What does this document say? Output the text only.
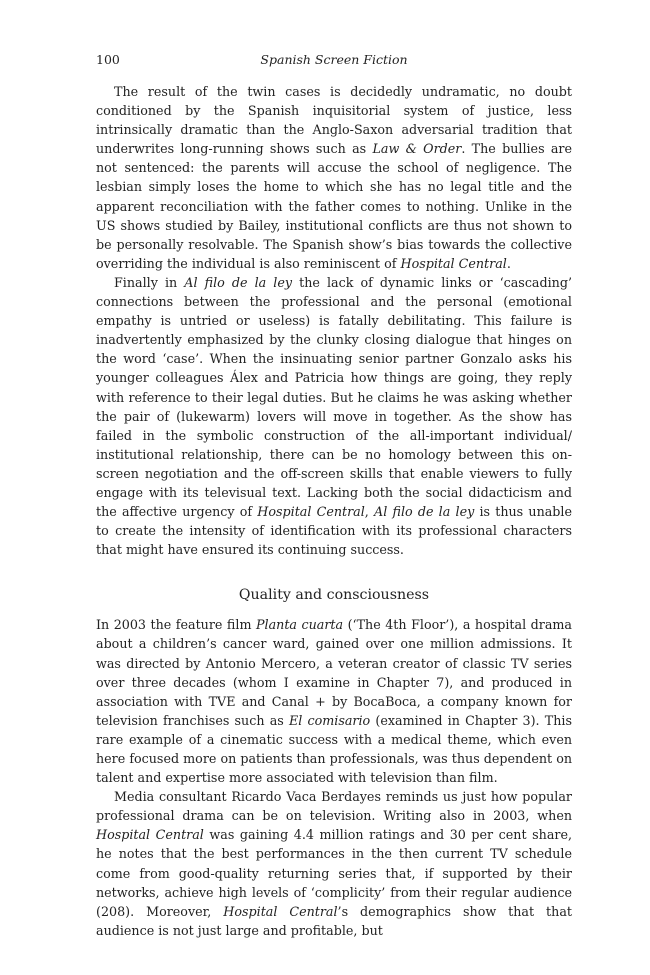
100	Spanish Screen Fiction

The result of the twin cases is decidedly undramatic, no doubt conditioned by the Spanish inquisitorial system of justice, less intrinsically dramatic than the Anglo-Saxon adversarial tradition that underwrites long-running shows such as Law & Order. The bullies are not sentenced: the parents will accuse the school of negligence. The lesbian simply loses the home to which she has no legal title and the apparent reconciliation with the father comes to nothing. Unlike in the US shows studied by Bailey, institutional conflicts are thus not shown to be personally resolvable. The Spanish show’s bias towards the collective overriding the individual is also reminiscent of Hospital Central.

Finally in Al filo de la ley the lack of dynamic links or ‘cascading’ connections between the professional and the personal (emotional empathy is untried or useless) is fatally debilitating. This failure is inadvertently emphasized by the clunky closing dialogue that hinges on the word ‘case’. When the insinuating senior partner Gonzalo asks his younger colleagues Álex and Patricia how things are going, they reply with reference to their legal duties. But he claims he was asking whether the pair of (lukewarm) lovers will move in together. As the show has failed in the symbolic construction of the all-important individual/ institutional relationship, there can be no homology between this on-screen negotiation and the off-screen skills that enable viewers to fully engage with its televisual text. Lacking both the social didacticism and the affective urgency of Hospital Central, Al filo de la ley is thus unable to create the intensity of identification with its professional characters that might have ensured its continuing success.

Quality and consciousness

In 2003 the feature film Planta cuarta (‘The 4th Floor’), a hospital drama about a children’s cancer ward, gained over one million admissions. It was directed by Antonio Mercero, a veteran creator of classic TV series over three decades (whom I examine in Chapter 7), and produced in association with TVE and Canal + by BocaBoca, a company known for television franchises such as El comisario (examined in Chapter 3). This rare example of a cinematic success with a medical theme, which even here focused more on patients than professionals, was thus dependent on talent and expertise more associated with television than film.

Media consultant Ricardo Vaca Berdayes reminds us just how popular professional drama can be on television. Writing also in 2003, when Hospital Central was gaining 4.4 million ratings and 30 per cent share, he notes that the best performances in the then current TV schedule come from good-quality returning series that, if supported by their networks, achieve high levels of ‘complicity’ from their regular audience (208). Moreover, Hospital Central’s demographics show that that audience is not just large and profitable, but
